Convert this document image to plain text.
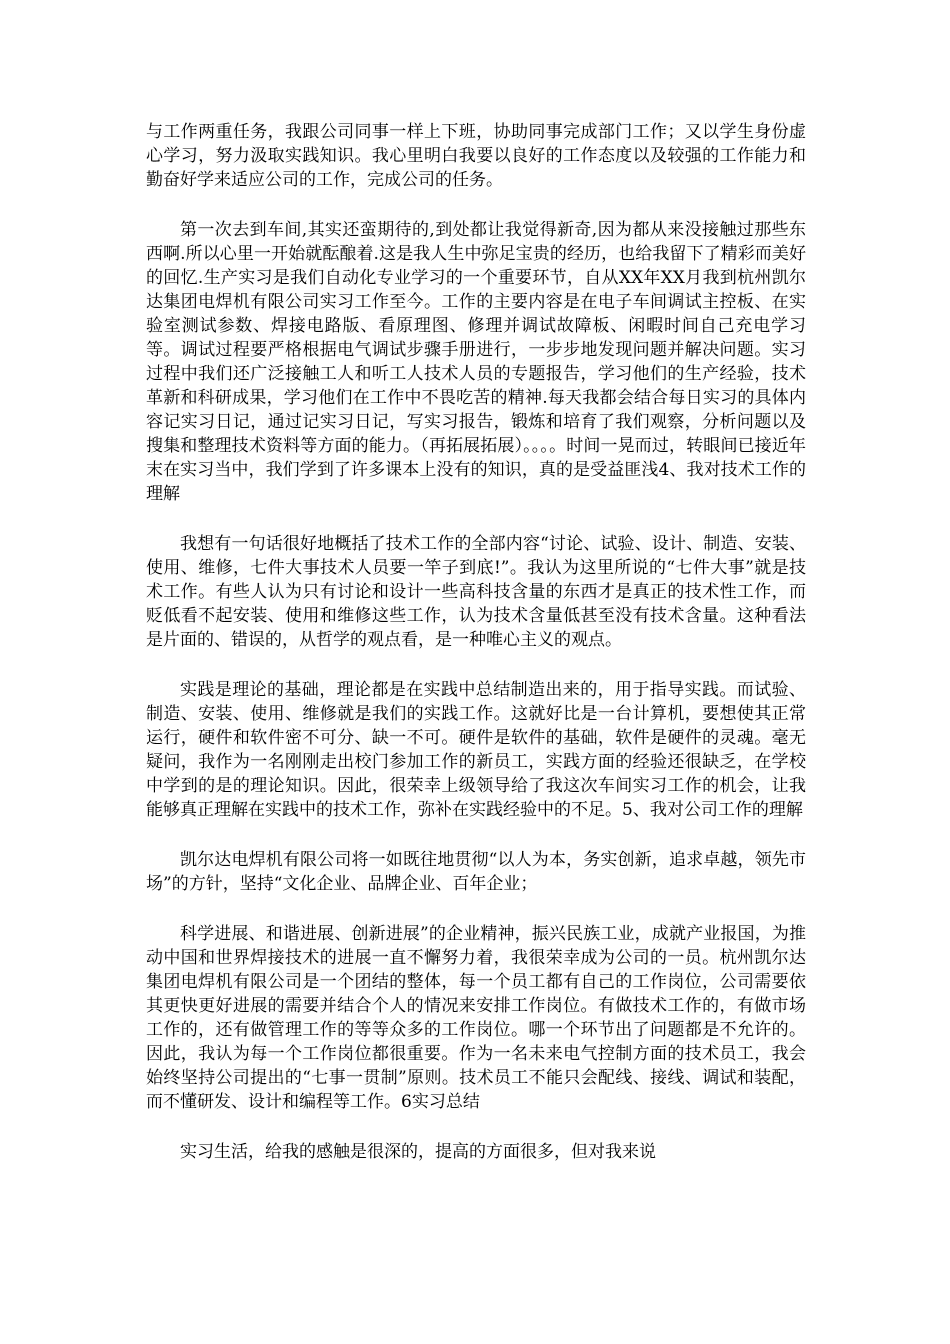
与工作两重任务，我跟公司同事一样上下班，协助同事完成部门工作；又以学生身份虚心学习，努力汲取实践知识。我心里明白我要以良好的工作态度以及较强的工作能力和勤奋好学来适应公司的工作，完成公司的任务。

第一次去到车间,其实还蛮期待的,到处都让我觉得新奇,因为都从来没接触过那些东西啊.所以心里一开始就酝酿着.这是我人生中弥足宝贵的经历，也给我留下了精彩而美好的回忆.生产实习是我们自动化专业学习的一个重要环节，自从XX年XX月我到杭州凯尔达集团电焊机有限公司实习工作至今。工作的主要内容是在电子车间调试主控板、在实验室测试参数、焊接电路版、看原理图、修理并调试故障板、闲暇时间自己充电学习等。调试过程要严格根据电气调试步骤手册进行，一步步地发现问题并解决问题。实习过程中我们还广泛接触工人和听工人技术人员的专题报告，学习他们的生产经验，技术革新和科研成果，学习他们在工作中不畏吃苦的精神.每天我都会结合每日实习的具体内容记实习日记，通过记实习日记，写实习报告，锻炼和培育了我们观察，分析问题以及搜集和整理技术资料等方面的能力。（再拓展拓展）。。。。时间一晃而过，转眼间已接近年末在实习当中，我们学到了许多课本上没有的知识，真的是受益匪浅4、我对技术工作的理解

我想有一句话很好地概括了技术工作的全部内容“讨论、试验、设计、制造、安装、使用、维修，七件大事技术人员要一竿子到底!”。我认为这里所说的“七件大事”就是技术工作。有些人认为只有讨论和设计一些高科技含量的东西才是真正的技术性工作，而贬低看不起安装、使用和维修这些工作，认为技术含量低甚至没有技术含量。这种看法是片面的、错误的，从哲学的观点看，是一种唯心主义的观点。

实践是理论的基础，理论都是在实践中总结制造出来的，用于指导实践。而试验、制造、安装、使用、维修就是我们的实践工作。这就好比是一台计算机，要想使其正常运行，硬件和软件密不可分、缺一不可。硬件是软件的基础，软件是硬件的灵魂。毫无疑问，我作为一名刚刚走出校门参加工作的新员工，实践方面的经验还很缺乏，在学校中学到的是的理论知识。因此，很荣幸上级领导给了我这次车间实习工作的机会，让我能够真正理解在实践中的技术工作，弥补在实践经验中的不足。5、我对公司工作的理解

凯尔达电焊机有限公司将一如既往地贯彻“以人为本，务实创新，追求卓越，领先市场”的方针，坚持“文化企业、品牌企业、百年企业；

科学进展、和谐进展、创新进展”的企业精神，振兴民族工业，成就产业报国，为推动中国和世界焊接技术的进展一直不懈努力着，我很荣幸成为公司的一员。杭州凯尔达集团电焊机有限公司是一个团结的整体，每一个员工都有自己的工作岗位，公司需要依其更快更好进展的需要并结合个人的情况来安排工作岗位。有做技术工作的，有做市场工作的，还有做管理工作的等等众多的工作岗位。哪一个环节出了问题都是不允许的。因此，我认为每一个工作岗位都很重要。作为一名未来电气控制方面的技术员工，我会始终坚持公司提出的“七事一贯制”原则。技术员工不能只会配线、接线、调试和装配，而不懂研发、设计和编程等工作。6实习总结

实习生活，给我的感触是很深的，提高的方面很多，但对我来说
